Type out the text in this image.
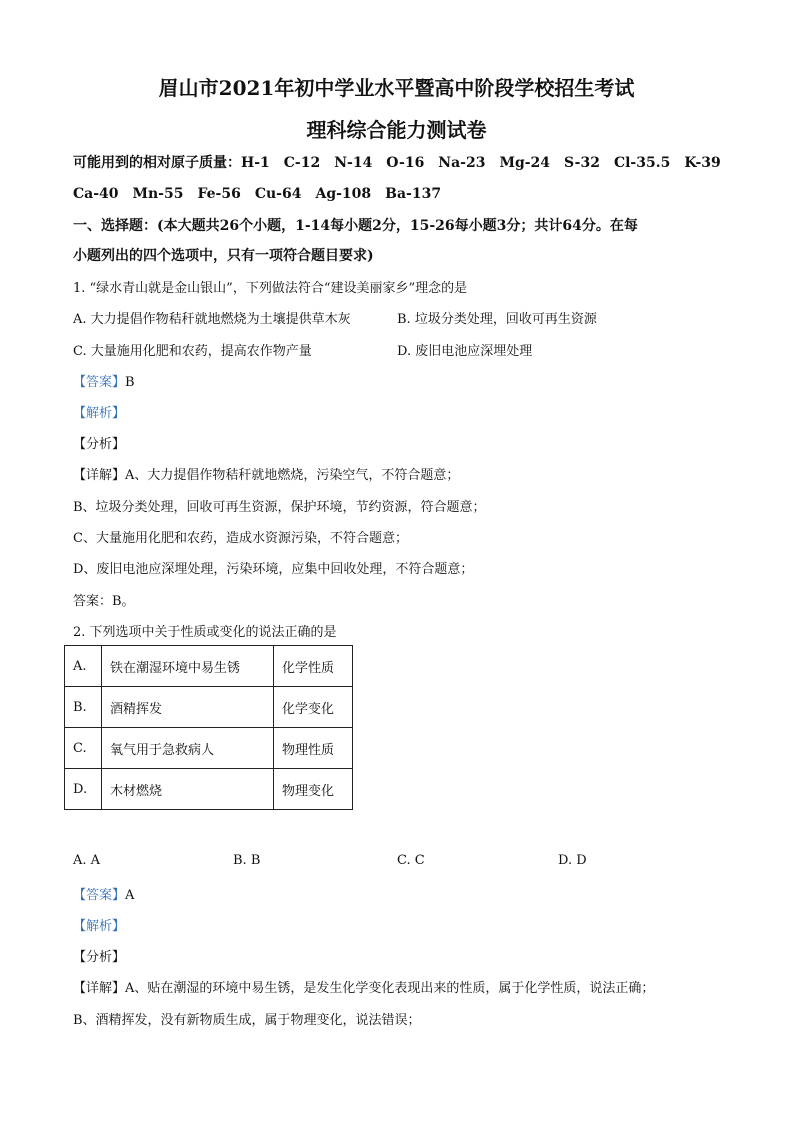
眉山市2021年初中学业水平暨高中阶段学校招生考试
理科综合能力测试卷
可能用到的相对原子质量：H-1　C-12　N-14　O-16　Na-23　Mg-24　S-32　Cl-35.5　K-39
Ca-40　Mn-55　Fe-56　Cu-64　Ag-108　Ba-137
一、选择题：(本大题共26个小题，1-14每小题2分，15-26每小题3分；共计64分。在每
小题列出的四个选项中，只有一项符合题目要求)
1. “绿水青山就是金山银山”，下列做法符合“建设美丽家乡”理念的是
A. 大力提倡作物秸秆就地燃烧为土壤提供草木灰	B. 垃圾分类处理，回收可再生资源
C. 大量施用化肥和农药，提高农作物产量	D. 废旧电池应深埋处理
【答案】B
【解析】
【分析】
【详解】A、大力提倡作物秸秆就地燃烧，污染空气，不符合题意；
B、垃圾分类处理，回收可再生资源，保护环境，节约资源，符合题意；
C、大量施用化肥和农药，造成水资源污染，不符合题意；
D、废旧电池应深埋处理，污染环境，应集中回收处理，不符合题意；
答案：B。
2. 下列选项中关于性质或变化的说法正确的是
A.	铁在潮湿环境中易生锈	化学性质
B.	酒精挥发	化学变化
C.	氧气用于急救病人	物理性质
D.	木材燃烧	物理变化
A. A	B. B	C. C	D. D
【答案】A
【解析】
【分析】
【详解】A、贴在潮湿的环境中易生锈，是发生化学变化表现出来的性质，属于化学性质，说法正确；
B、酒精挥发，没有新物质生成，属于物理变化，说法错误；
